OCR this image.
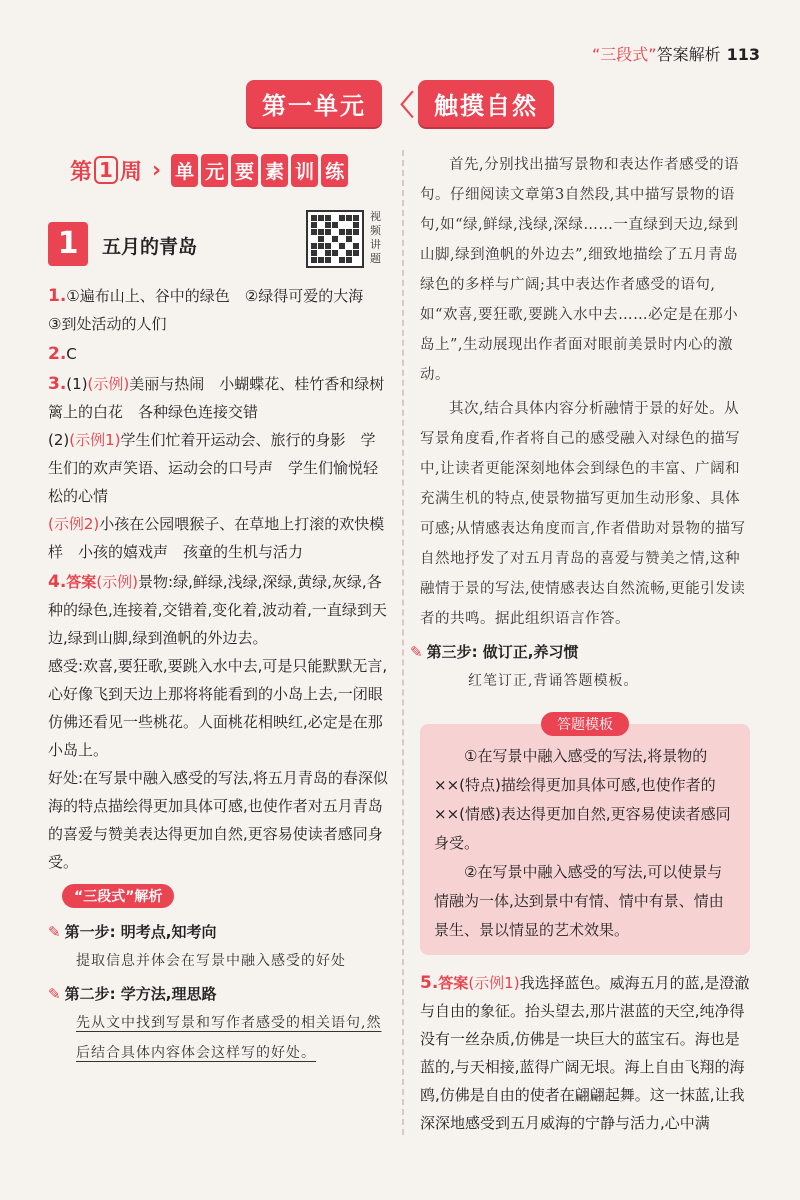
“三段式”答案解析 113
第一单元 〈 触摸自然
第 1 周 › 单 元 要 素 训 练
1	五月的青岛
视频讲题
1.①遍布山上、谷中的绿色　②绿得可爱的大海　③到处活动的人们
2.C
3.(1)(示例)美丽与热闹　小蝴蝶花、桂竹香和绿树篱上的白花　各种绿色连接交错
(2)(示例1)学生们忙着开运动会、旅行的身影　学生们的欢声笑语、运动会的口号声　学生们愉悦轻松的心情
(示例2)小孩在公园喂猴子、在草地上打滚的欢快模样　小孩的嬉戏声　孩童的生机与活力
4.答案(示例)景物:绿,鲜绿,浅绿,深绿,黄绿,灰绿,各种的绿色,连接着,交错着,变化着,波动着,一直绿到天边,绿到山脚,绿到渔帆的外边去。
感受:欢喜,要狂歌,要跳入水中去,可是只能默默无言,心好像飞到天边上那将将能看到的小岛上去,一闭眼仿佛还看见一些桃花。人面桃花相映红,必定是在那小岛上。
好处:在写景中融入感受的写法,将五月青岛的春深似海的特点描绘得更加具体可感,也使作者对五月青岛的喜爱与赞美表达得更加自然,更容易使读者感同身受。
“三段式”解析
✎ 第一步: 明考点,知考向
提取信息并体会在写景中融入感受的好处
✎ 第二步: 学方法,理思路
先从文中找到写景和写作者感受的相关语句,然后结合具体内容体会这样写的好处。
首先,分别找出描写景物和表达作者感受的语句。仔细阅读文章第3自然段,其中描写景物的语句,如“绿,鲜绿,浅绿,深绿……一直绿到天边,绿到山脚,绿到渔帆的外边去”,细致地描绘了五月青岛绿色的多样与广阔;其中表达作者感受的语句,如“欢喜,要狂歌,要跳入水中去……必定是在那小岛上”,生动展现出作者面对眼前美景时内心的激动。
其次,结合具体内容分析融情于景的好处。从写景角度看,作者将自己的感受融入对绿色的描写中,让读者更能深刻地体会到绿色的丰富、广阔和充满生机的特点,使景物描写更加生动形象、具体可感;从情感表达角度而言,作者借助对景物的描写自然地抒发了对五月青岛的喜爱与赞美之情,这种融情于景的写法,使情感表达自然流畅,更能引发读者的共鸣。据此组织语言作答。
✎ 第三步: 做订正,养习惯
红笔订正,背诵答题模板。
答题模板

①在写景中融入感受的写法,将景物的××(特点)描绘得更加具体可感,也使作者的××(情感)表达得更加自然,更容易使读者感同身受。

②在写景中融入感受的写法,可以使景与情融为一体,达到景中有情、情中有景、情由景生、景以情显的艺术效果。

5.答案(示例1)我选择蓝色。威海五月的蓝,是澄澈与自由的象征。抬头望去,那片湛蓝的天空,纯净得没有一丝杂质,仿佛是一块巨大的蓝宝石。海也是蓝的,与天相接,蓝得广阔无垠。海上自由飞翔的海鸥,仿佛是自由的使者在翩翩起舞。这一抹蓝,让我深深地感受到五月威海的宁静与活力,心中满
